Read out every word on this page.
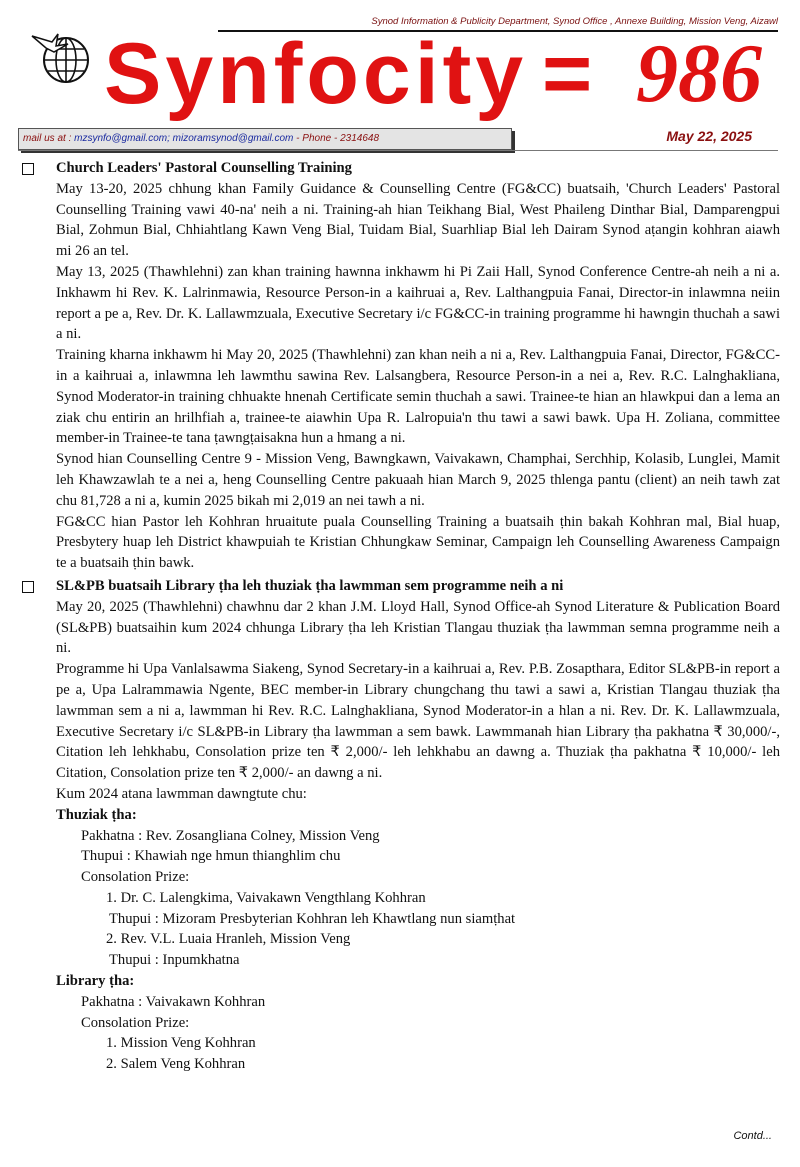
Synod Information & Publicity Department, Synod Office , Annexe Building, Mission Veng, Aizawl
Synfocity = 986
mail us at : mzsynfo@gmail.com; mizoramsynod@gmail.com - Phone - 2314648	May 22, 2025
Church Leaders' Pastoral Counselling Training
May 13-20, 2025 chhung khan Family Guidance & Counselling Centre (FG&CC) buatsaih, 'Church Leaders' Pastoral Counselling Training vawi 40-na' neih a ni. Training-ah hian Teikhang Bial, West Phaileng Dinthar Bial, Damparengpui Bial, Zohmun Bial, Chhiahtlang Kawn Veng Bial, Tuidam Bial, Suarhliap Bial leh Dairam Synod aṭangin kohhran aiawh mi 26 an tel.
May 13, 2025 (Thawhlehni) zan khan training hawnna inkhawm hi Pi Zaii Hall, Synod Conference Centre-ah neih a ni a. Inkhawm hi Rev. K. Lalrinmawia, Resource Person-in a kaihruai a, Rev. Lalthangpuia Fanai, Director-in inlawmna neiin report a pe a, Rev. Dr. K. Lallawmzuala, Executive Secretary i/c FG&CC-in training programme hi hawngin thuchah a sawi a ni.
Training kharna inkhawm hi May 20, 2025 (Thawhlehni) zan khan neih a ni a, Rev. Lalthangpuia Fanai, Director, FG&CC-in a kaihruai a, inlawmna leh lawmthu sawina Rev. Lalsangbera, Resource Person-in a nei a, Rev. R.C. Lalnghakliana, Synod Moderator-in training chhuakte hnenah Certificate semin thuchah a sawi. Trainee-te hian an hlawkpui dan a lema an ziak chu entirin an hrilhfiah a, trainee-te aiawhin Upa R. Lalropuia'n thu tawi a sawi bawk. Upa H. Zoliana, committee member-in Trainee-te tana ṭawngṭaisakna hun a hmang a ni.
Synod hian Counselling Centre 9 - Mission Veng, Bawngkawn, Vaivakawn, Champhai, Serchhip, Kolasib, Lunglei, Mamit leh Khawzawlah te a nei a, heng Counselling Centre pakuaah hian March 9, 2025 thlenga pantu (client) an neih tawh zat chu 81,728 a ni a, kumin 2025 bikah mi 2,019 an nei tawh a ni.
FG&CC hian Pastor leh Kohhran hruaitute puala Counselling Training a buatsaih ṭhin bakah Kohhran mal, Bial huap, Presbytery huap leh District khawpuiah te Kristian Chhungkaw Seminar, Campaign leh Counselling Awareness Campaign te a buatsaih ṭhin bawk.
SL&PB buatsaih Library ṭha leh thuziak ṭha lawmman sem programme neih a ni
May 20, 2025 (Thawhlehni) chawhnu dar 2 khan J.M. Lloyd Hall, Synod Office-ah Synod Literature & Publication Board (SL&PB) buatsaihin kum 2024 chhunga Library ṭha leh Kristian Tlangau thuziak ṭha lawmman semna programme neih a ni.
Programme hi Upa Vanlalsawma Siakeng, Synod Secretary-in a kaihruai a, Rev. P.B. Zosapthara, Editor SL&PB-in report a pe a, Upa Lalrammawia Ngente, BEC member-in Library chungchang thu tawi a sawi a, Kristian Tlangau thuziak ṭha lawmman sem a ni a, lawmman hi Rev. R.C. Lalnghakliana, Synod Moderator-in a hlan a ni. Rev. Dr. K. Lallawmzuala, Executive Secretary i/c SL&PB-in Library ṭha lawmman a sem bawk. Lawmmanah hian Library ṭha pakhatna ₹ 30,000/-, Citation leh lehkhabu, Consolation prize ten ₹ 2,000/- leh lehkhabu an dawng a. Thuziak ṭha pakhatna ₹ 10,000/- leh Citation, Consolation prize ten ₹ 2,000/- an dawng a ni.
Kum 2024 atana lawmman dawngtute chu:
Thuziak ṭha:
Pakhatna : Rev. Zosangliana Colney, Mission Veng
Thupui : Khawiah nge hmun thianghlim chu
Consolation Prize:
1. Dr. C. Lalengkima, Vaivakawn Vengthlang Kohhran
Thupui : Mizoram Presbyterian Kohhran leh Khawtlang nun siamṭhat
2. Rev. V.L. Luaia Hranleh, Mission Veng
Thupui : Inpumkhatna
Library ṭha:
Pakhatna : Vaivakawn Kohhran
Consolation Prize:
1. Mission Veng Kohhran
2. Salem Veng Kohhran
Contd...
